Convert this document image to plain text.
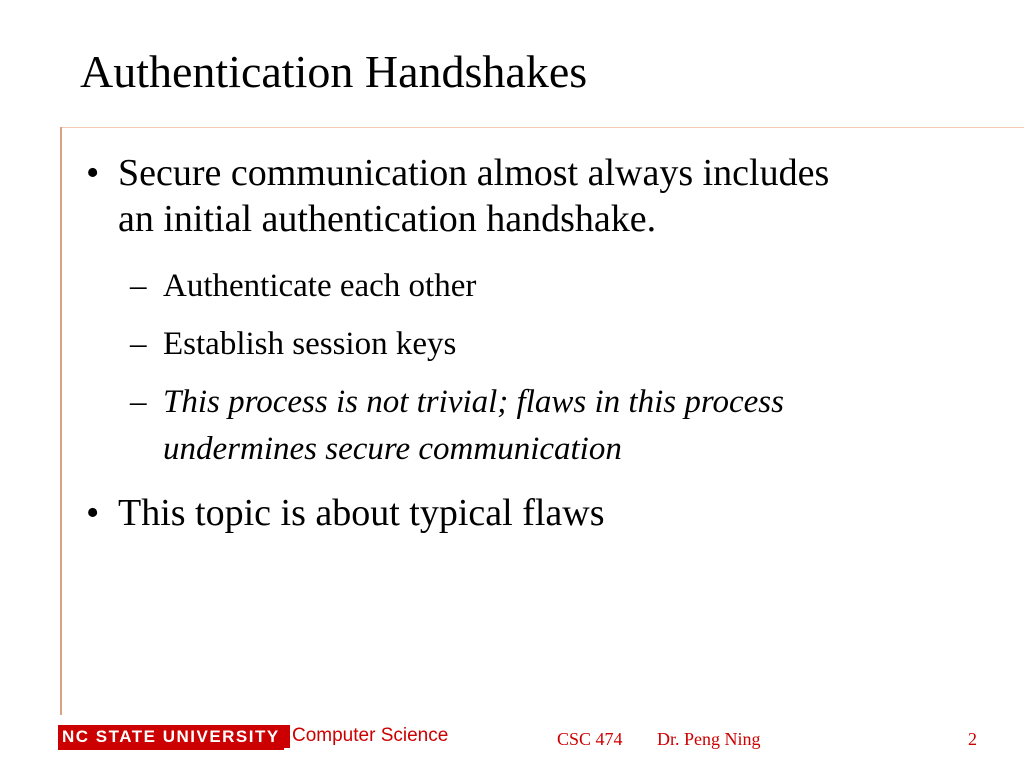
Authentication Handshakes
• Secure communication almost always includes
an initial authentication handshake.
– Authenticate each other
– Establish session keys
– This process is not trivial; flaws in this process
undermines secure communication
• This topic is about typical flaws
NC STATE UNIVERSITY Computer Science	CSC 474 Dr. Peng Ning	2
